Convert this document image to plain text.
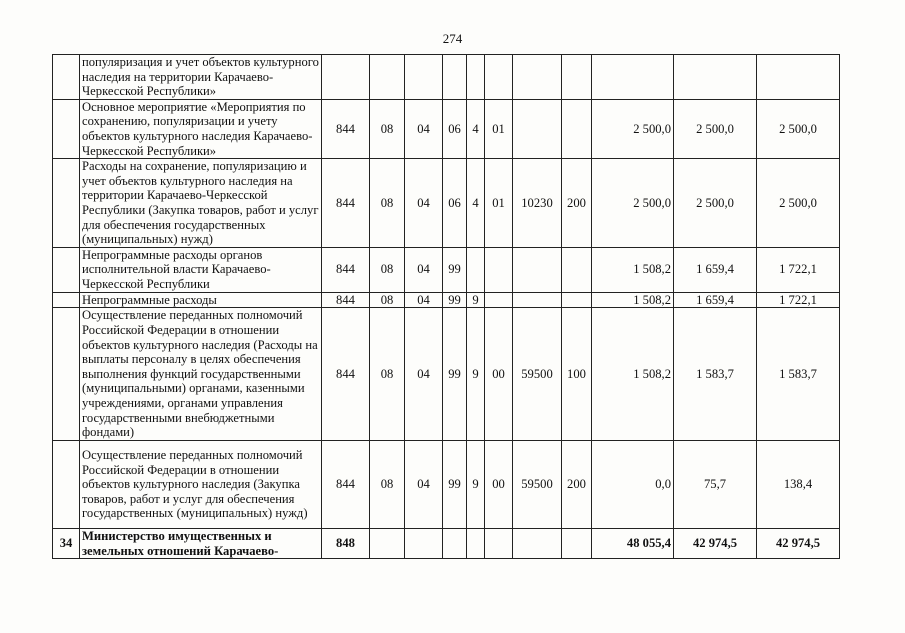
274
	популяризация и учет объектов культурного наследия на территории Карачаево-Черкесской Республики»											
	Основное мероприятие «Мероприятия по сохранению, популяризации и учету объектов культурного наследия Карачаево-Черкесской Республики»	844	08	04	06	4	01			2 500,0	2 500,0	2 500,0
	Расходы на сохранение, популяризацию и учет объектов культурного наследия на территории Карачаево-Черкесской Республики (Закупка товаров, работ и услуг для обеспечения государственных (муниципальных) нужд)	844	08	04	06	4	01	10230	200	2 500,0	2 500,0	2 500,0
	Непрограммные расходы органов исполнительной власти Карачаево-Черкесской Республики	844	08	04	99					1 508,2	1 659,4	1 722,1
	Непрограммные расходы	844	08	04	99	9				1 508,2	1 659,4	1 722,1
	Осуществление переданных полномочий Российской Федерации в отношении объектов культурного наследия (Расходы на выплаты персоналу в целях обеспечения выполнения функций государственными (муниципальными) органами, казенными учреждениями, органами управления государственными внебюджетными фондами)	844	08	04	99	9	00	59500	100	1 508,2	1 583,7	1 583,7
	Осуществление переданных полномочий Российской Федерации в отношении объектов культурного наследия (Закупка товаров, работ и услуг для обеспечения государственных (муниципальных) нужд)	844	08	04	99	9	00	59500	200	0,0	75,7	138,4
34	Министерство имущественных и земельных отношений Карачаево-	848								48 055,4	42 974,5	42 974,5
